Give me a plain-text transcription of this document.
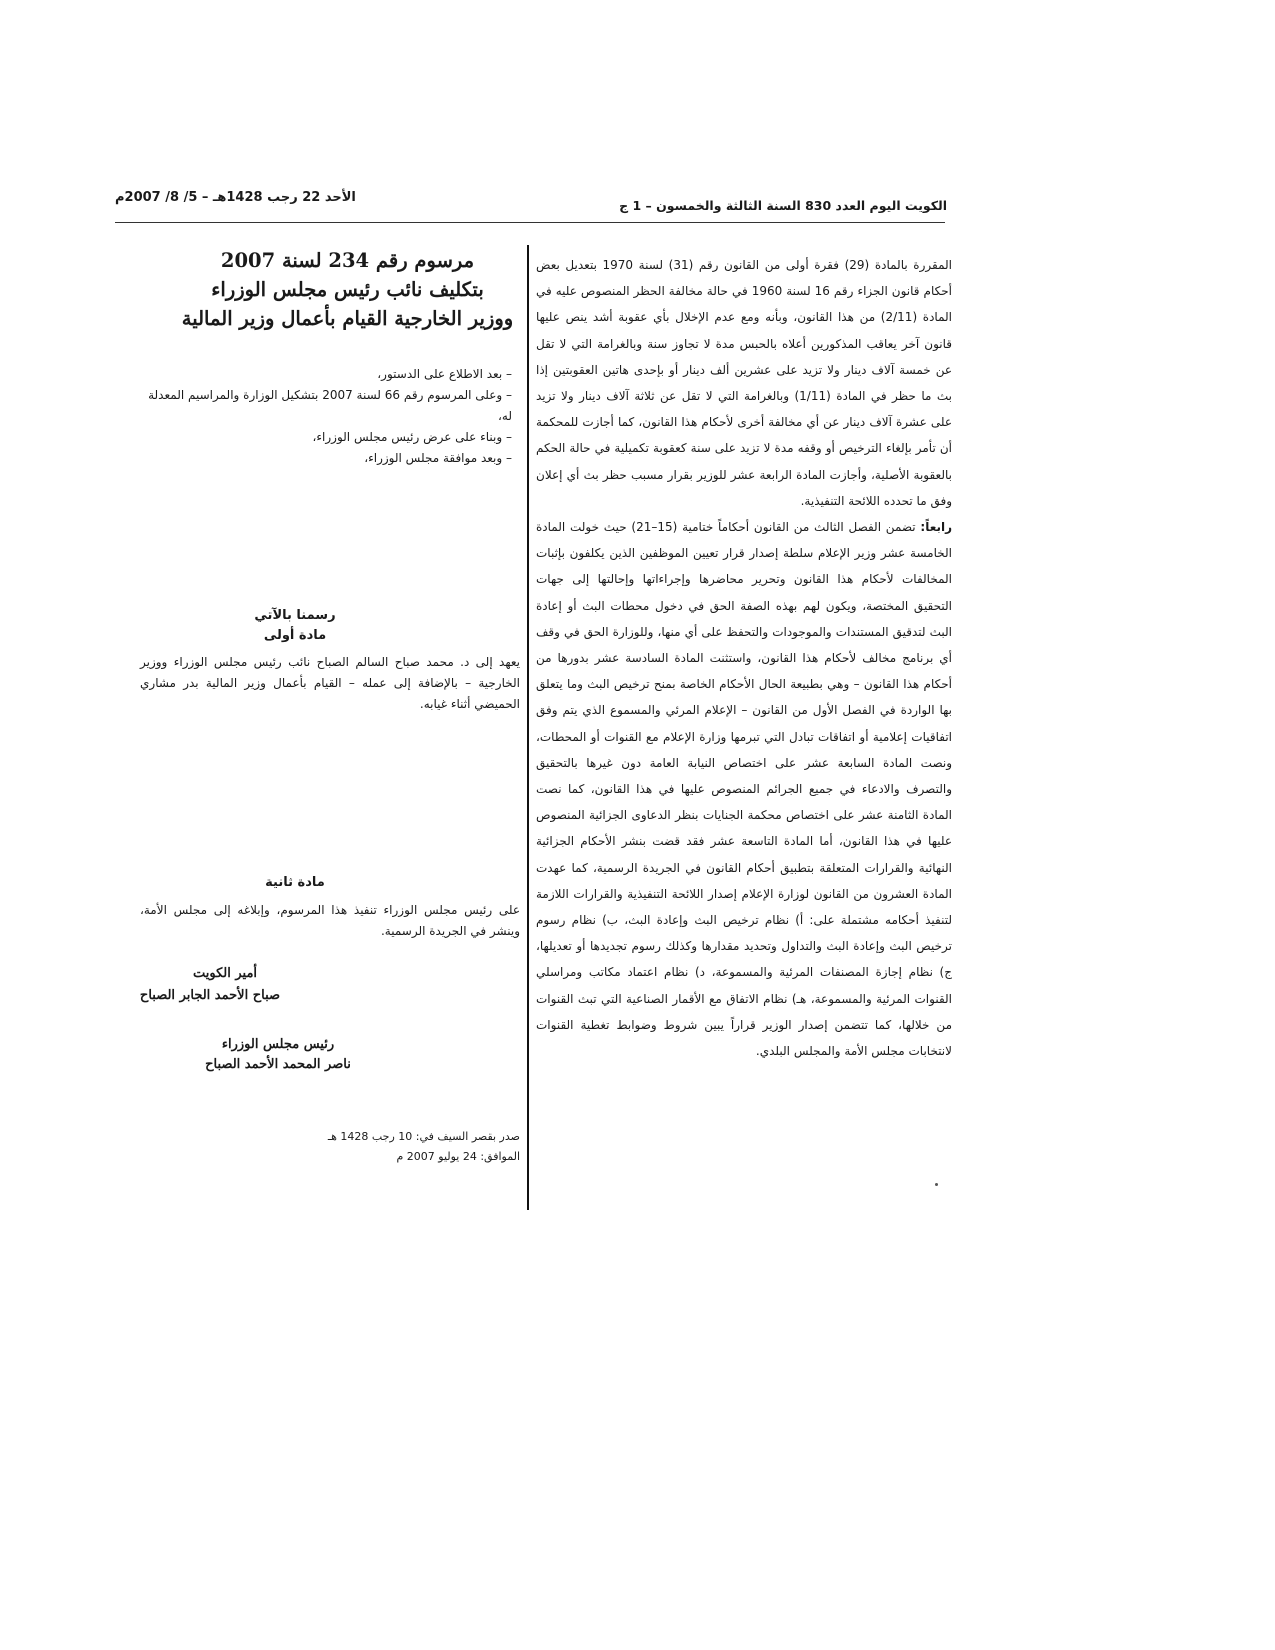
الكويت اليوم العدد 830 السنة الثالثة والخمسون – 1 ج
الأحد 22 رجب 1428هـ – 5/ 8/ 2007م

المقررة بالمادة (29) فقرة أولى من القانون رقم (31) لسنة 1970 بتعديل بعض أحكام قانون الجزاء رقم 16 لسنة 1960 في حالة مخالفة الحظر المنصوص عليه في المادة (2/11) من هذا القانون، وبأنه ومع عدم الإخلال بأي عقوبة أشد ينص عليها قانون آخر يعاقب المذكورين أعلاه بالحبس مدة لا تجاوز سنة وبالغرامة التي لا تقل عن خمسة آلاف دينار ولا تزيد على عشرين ألف دينار أو بإحدى هاتين العقوبتين إذا بث ما حظر في المادة (1/11) وبالغرامة التي لا تقل عن ثلاثة آلاف دينار ولا تزيد على عشرة آلاف دينار عن أي مخالفة أخرى لأحكام هذا القانون، كما أجازت للمحكمة أن تأمر بإلغاء الترخيص أو وقفه مدة لا تزيد على سنة كعقوبة تكميلية في حالة الحكم بالعقوبة الأصلية، وأجازت المادة الرابعة عشر للوزير بقرار مسبب حظر بث أي إعلان وفق ما تحدده اللائحة التنفيذية.

رابعاً: تضمن الفصل الثالث من القانون أحكاماً ختامية (15–21) حيث خولت المادة الخامسة عشر وزير الإعلام سلطة إصدار قرار تعيين الموظفين الذين يكلفون بإثبات المخالفات لأحكام هذا القانون وتحرير محاضرها وإجراءاتها وإحالتها إلى جهات التحقيق المختصة، ويكون لهم بهذه الصفة الحق في دخول محطات البث أو إعادة البث لتدقيق المستندات والموجودات والتحفظ على أي منها، وللوزارة الحق في وقف أي برنامج مخالف لأحكام هذا القانون، واستثنت المادة السادسة عشر بدورها من أحكام هذا القانون – وهي بطبيعة الحال الأحكام الخاصة بمنح ترخيص البث وما يتعلق بها الواردة في الفصل الأول من القانون – الإعلام المرئي والمسموع الذي يتم وفق اتفاقيات إعلامية أو اتفاقات تبادل التي تبرمها وزارة الإعلام مع القنوات أو المحطات، ونصت المادة السابعة عشر على اختصاص النيابة العامة دون غيرها بالتحقيق والتصرف والادعاء في جميع الجرائم المنصوص عليها في هذا القانون، كما نصت المادة الثامنة عشر على اختصاص محكمة الجنايات بنظر الدعاوى الجزائية المنصوص عليها في هذا القانون، أما المادة التاسعة عشر فقد قضت بنشر الأحكام الجزائية النهائية والقرارات المتعلقة بتطبيق أحكام القانون في الجريدة الرسمية، كما عهدت المادة العشرون من القانون لوزارة الإعلام إصدار اللائحة التنفيذية والقرارات اللازمة لتنفيذ أحكامه مشتملة على: أ) نظام ترخيص البث وإعادة البث، ب) نظام رسوم ترخيص البث وإعادة البث والتداول وتحديد مقدارها وكذلك رسوم تجديدها أو تعديلها، ج) نظام إجازة المصنفات المرئية والمسموعة، د) نظام اعتماد مكاتب ومراسلي القنوات المرئية والمسموعة، هـ) نظام الاتفاق مع الأقمار الصناعية التي تبث القنوات من خلالها، كما تتضمن إصدار الوزير قراراً يبين شروط وضوابط تغطية القنوات لانتخابات مجلس الأمة والمجلس البلدي.

مرسوم رقم 234 لسنة 2007
بتكليف نائب رئيس مجلس الوزراء
ووزير الخارجية القيام بأعمال وزير المالية
– بعد الاطلاع على الدستور،
– وعلى المرسوم رقم 66 لسنة 2007 بتشكيل الوزارة والمراسيم المعدلة له،
– وبناء على عرض رئيس مجلس الوزراء،
– وبعد موافقة مجلس الوزراء،
رسمنا بالآتي
مادة أولى
يعهد إلى د. محمد صباح السالم الصباح نائب رئيس مجلس الوزراء ووزير الخارجية – بالإضافة إلى عمله – القيام بأعمال وزير المالية بدر مشاري الحميضي أثناء غيابه.
مادة ثانية
على رئيس مجلس الوزراء تنفيذ هذا المرسوم، وإبلاغه إلى مجلس الأمة، وينشر في الجريدة الرسمية.
أمير الكويت
صباح الأحمد الجابر الصباح
رئيس مجلس الوزراء
ناصر المحمد الأحمد الصباح
صدر بقصر السيف في: 10 رجب 1428 هـ
الموافق: 24 يوليو 2007 م
